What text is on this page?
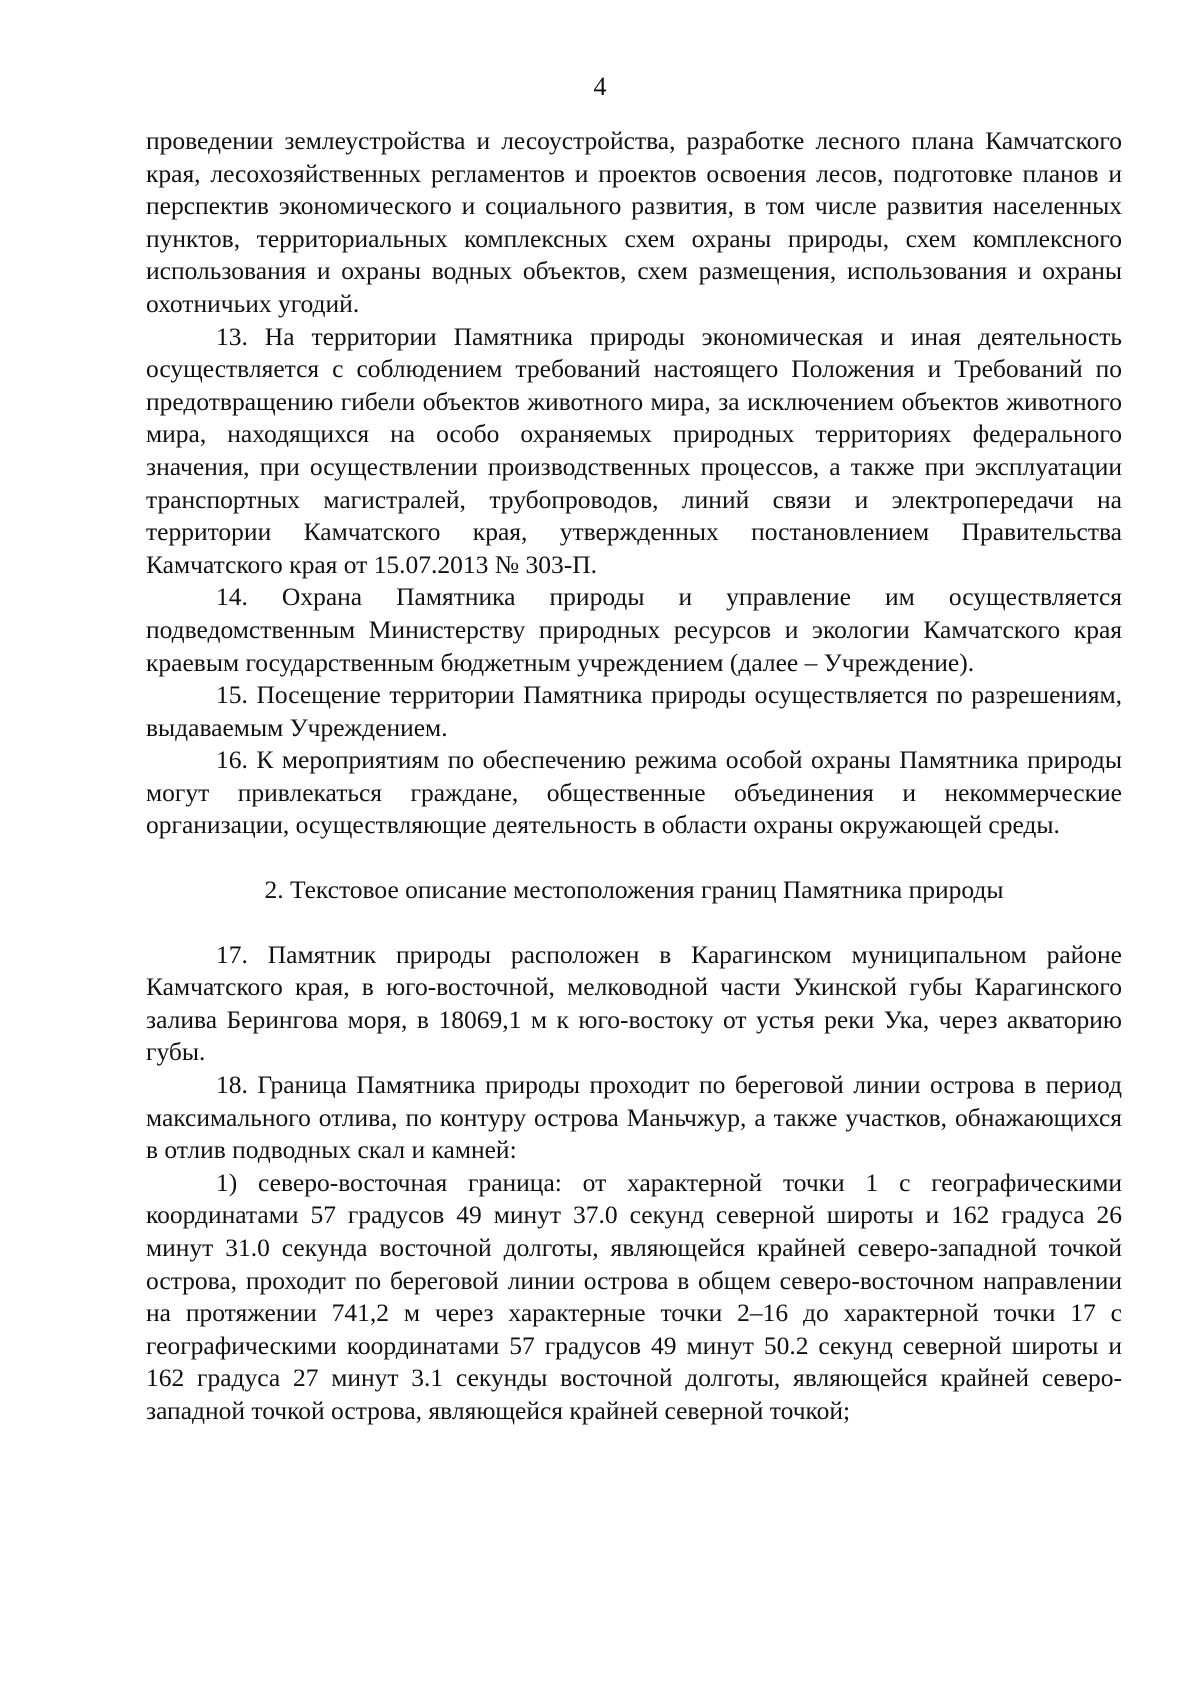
4

проведении землеустройства и лесоустройства, разработке лесного плана Камчатского края, лесохозяйственных регламентов и проектов освоения лесов, подготовке планов и перспектив экономического и социального развития, в том числе развития населенных пунктов, территориальных комплексных схем охраны природы, схем комплексного использования и охраны водных объектов, схем размещения, использования и охраны охотничьих угодий.

13. На территории Памятника природы экономическая и иная деятельность осуществляется с соблюдением требований настоящего Положения и Требований по предотвращению гибели объектов животного мира, за исключением объектов животного мира, находящихся на особо охраняемых природных территориях федерального значения, при осуществлении производственных процессов, а также при эксплуатации транспортных магистралей, трубопроводов, линий связи и электропередачи на территории Камчатского края, утвержденных постановлением Правительства Камчатского края от 15.07.2013 № 303-П.

14. Охрана Памятника природы и управление им осуществляется подведомственным Министерству природных ресурсов и экологии Камчатского края краевым государственным бюджетным учреждением (далее – Учреждение).

15. Посещение территории Памятника природы осуществляется по разрешениям, выдаваемым Учреждением.

16. К мероприятиям по обеспечению режима особой охраны Памятника природы могут привлекаться граждане, общественные объединения и некоммерческие организации, осуществляющие деятельность в области охраны окружающей среды.

2. Текстовое описание местоположения границ Памятника природы

17. Памятник природы расположен в Карагинском муниципальном районе Камчатского края, в юго-восточной, мелководной части Укинской губы Карагинского залива Берингова моря, в 18069,1 м к юго-востоку от устья реки Ука, через акваторию губы.

18. Граница Памятника природы проходит по береговой линии острова в период максимального отлива, по контуру острова Маньчжур, а также участков, обнажающихся в отлив подводных скал и камней:

1) северо-восточная граница: от характерной точки 1 с географическими координатами 57 градусов 49 минут 37.0 секунд северной широты и 162 градуса 26 минут 31.0 секунда восточной долготы, являющейся крайней северо-западной точкой острова, проходит по береговой линии острова в общем северо-восточном направлении на протяжении 741,2 м через характерные точки 2–16 до характерной точки 17 с географическими координатами 57 градусов 49 минут 50.2 секунд северной широты и 162 градуса 27 минут 3.1 секунды восточной долготы, являющейся крайней северо-западной точкой острова, являющейся крайней северной точкой;
